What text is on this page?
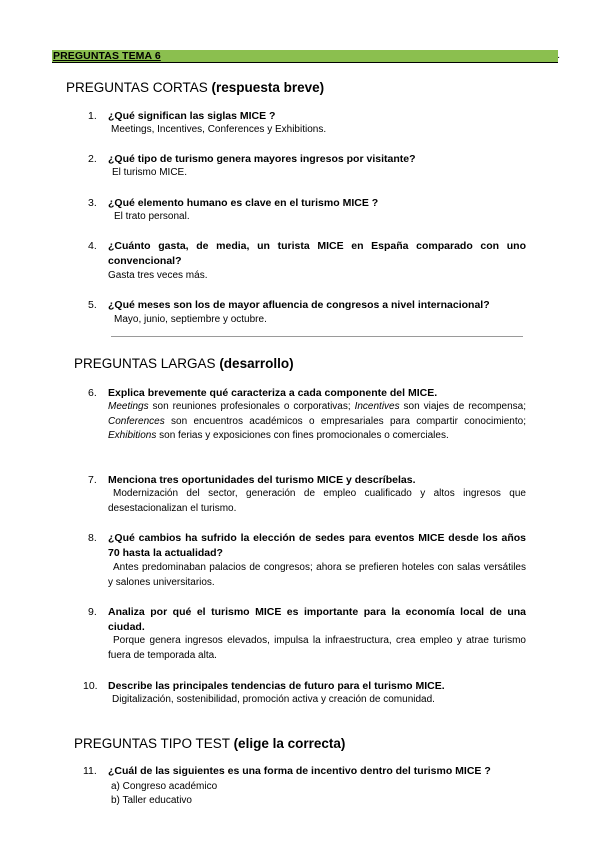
PREGUNTAS TEMA 6	.
PREGUNTAS CORTAS (respuesta breve)
1.	¿Qué significan las siglas MICE ?
Meetings, Incentives, Conferences y Exhibitions.
2.	¿Qué tipo de turismo genera mayores ingresos por visitante?
El turismo MICE.
3.	¿Qué elemento humano es clave en el turismo MICE ?
El trato personal.
4.	¿Cuánto gasta, de media, un turista MICE en España comparado con uno convencional?
Gasta tres veces más.
5.	¿Qué meses son los de mayor afluencia de congresos a nivel internacional?
Mayo, junio, septiembre y octubre.
PREGUNTAS LARGAS (desarrollo)
6.	Explica brevemente qué caracteriza a cada componente del MICE.
Meetings son reuniones profesionales o corporativas; Incentives son viajes de recompensa; Conferences son encuentros académicos o empresariales para compartir conocimiento; Exhibitions son ferias y exposiciones con fines promocionales o comerciales.
7.	Menciona tres oportunidades del turismo MICE y descríbelas.
Modernización del sector, generación de empleo cualificado y altos ingresos que desestacionalizan el turismo.
8.	¿Qué cambios ha sufrido la elección de sedes para eventos MICE desde los años 70 hasta la actualidad?
Antes predominaban palacios de congresos; ahora se prefieren hoteles con salas versátiles y salones universitarios.
9.	Analiza por qué el turismo MICE es importante para la economía local de una ciudad.
Porque genera ingresos elevados, impulsa la infraestructura, crea empleo y atrae turismo fuera de temporada alta.
10. Describe las principales tendencias de futuro para el turismo MICE.
Digitalización, sostenibilidad, promoción activa y creación de comunidad.
PREGUNTAS TIPO TEST (elige la correcta)
11.	¿Cuál de las siguientes es una forma de incentivo dentro del turismo MICE ?
a) Congreso académico
b) Taller educativo
